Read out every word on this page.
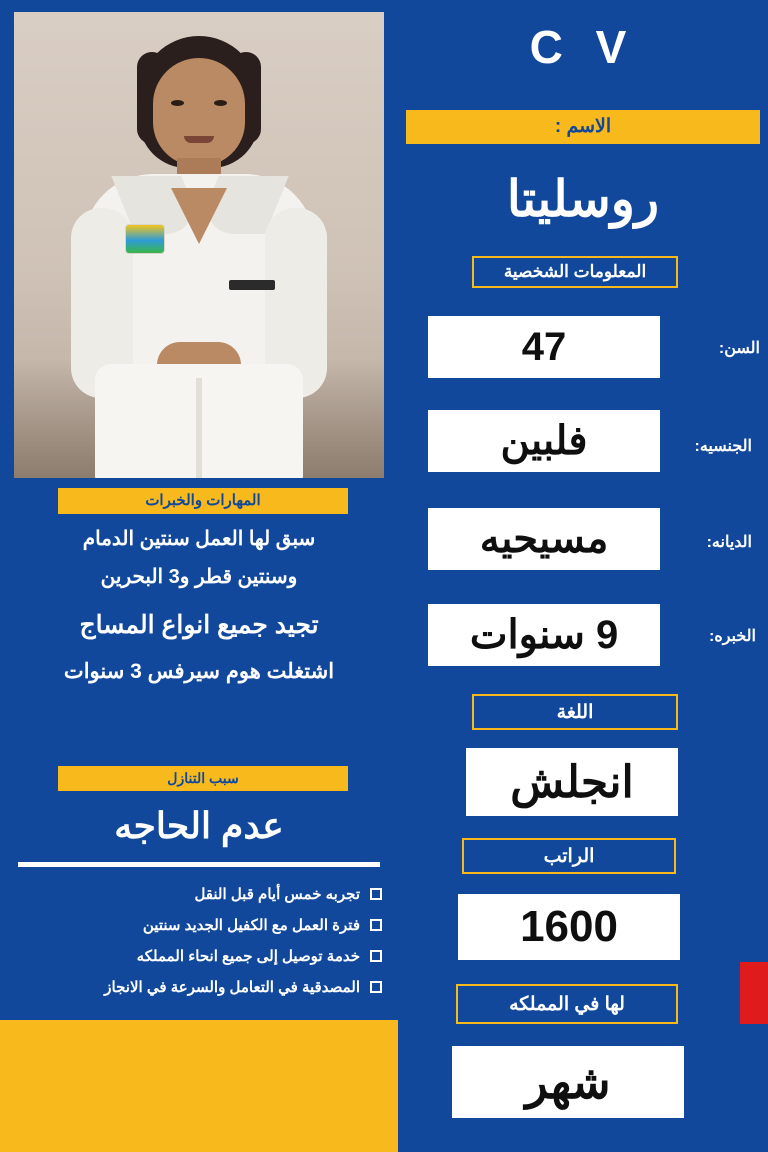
المهارات والخبرات
سبق لها العمل سنتين الدمام
وسنتين قطر و3 البحرين
تجيد جميع انواع المساج
اشتغلت هوم سيرفس 3 سنوات
سبب التنازل
عدم الحاجه
تجربه خمس أيام قبل النقل
فترة العمل مع الكفيل الجديد سنتين
خدمة توصيل إلى جميع انحاء المملكه
المصدقية في التعامل والسرعة في الانجاز
C V
الاسم :
روسليتا
المعلومات الشخصية
السن:
47
الجنسيه:
فلبين
الديانه:
مسيحيه
الخبره:
9 سنوات
اللغة
انجلش
الراتب
1600
لها في المملكه
شهر
